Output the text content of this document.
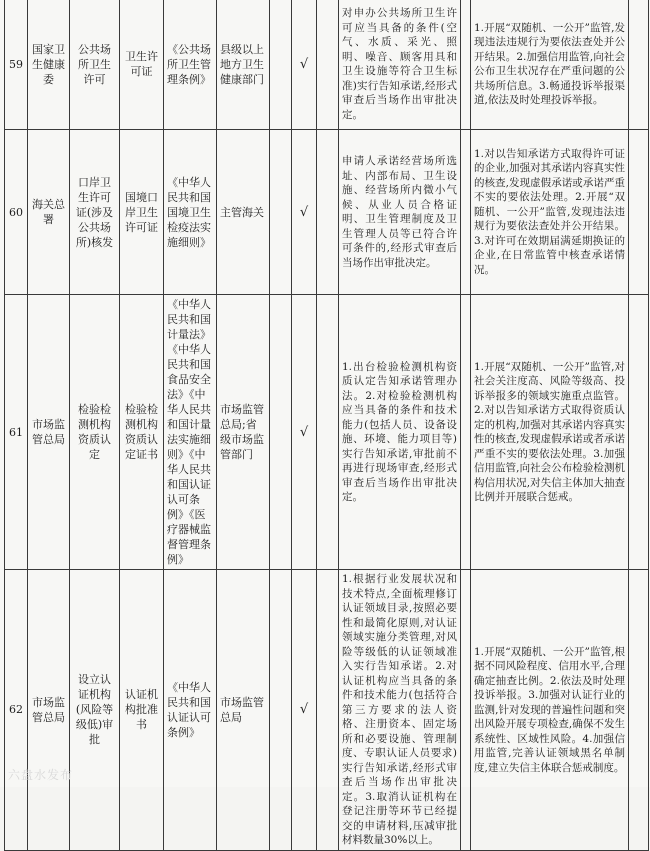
59	国家卫生健康委	公共场所卫生许可	卫生许可证	《公共场所卫生管理条例》	县级以上地方卫生健康部门		√		对申办公共场所卫生许可应当具备的条件(空气、水质、采光、照明、噪音、顾客用具和卫生设施等符合卫生标准)实行告知承诺,经形式审查后当场作出审批决定。		1.开展“双随机、一公开”监管,发现违法违规行为要依法查处并公开结果。2.加强信用监管,向社会公布卫生状况存在严重问题的公共场所信息。3.畅通投诉举报渠道,依法及时处理投诉举报。	
60	海关总署	口岸卫生许可证(涉及公共场所)核发	国境口岸卫生许可证	《中华人民共和国国境卫生检疫法实施细则》	主管海关		√		申请人承诺经营场所选址、内部布局、卫生设施、经营场所内微小气候、从业人员合格证明、卫生管理制度及卫生管理人员等已符合许可条件的,经形式审查后当场作出审批决定。		1.对以告知承诺方式取得许可证的企业,加强对其承诺内容真实性的核查,发现虚假承诺或承诺严重不实的要依法处理。2.开展“双随机、一公开”监管,发现违法违规行为要依法查处并公开结果。3.对许可在效期届满延期换证的企业,在日常监管中核查承诺情况。	
61	市场监管总局	检验检测机构资质认定	检验检测机构资质认定证书	《中华人民共和国计量法》《中华人民共和国食品安全法》《中华人民共和国计量法实施细则》《中华人民共和国认证认可条例》《医疗器械监督管理条例》	市场监管总局;省级市场监管部门		√		1.出台检验检测机构资质认定告知承诺管理办法。2.对检验检测机构应当具备的条件和技术能力(包括人员、设备设施、环境、能力项目等)实行告知承诺,审批前不再进行现场审查,经形式审查后当场作出审批决定。		1.开展“双随机、一公开”监管,对社会关注度高、风险等级高、投诉举报多的领域实施重点监管。2.对以告知承诺方式取得资质认定的机构,加强对其承诺内容真实性的核查,发现虚假承诺或者承诺严重不实的要依法处理。3.加强信用监管,向社会公布检验检测机构信用状况,对失信主体加大抽查比例并开展联合惩戒。	
62	市场监管总局	设立认证机构(风险等级低)审批	认证机构批准书	《中华人民共和国认证认可条例》	市场监管总局		√		1.根据行业发展状况和技术特点,全面梳理修订认证领域目录,按照必要性和最简化原则,对认证领域实施分类管理,对风险等级低的认证领域准入实行告知承诺。2.对认证机构应当具备的条件和技术能力(包括符合第三方要求的法人资格、注册资本、固定场所和必要设施、管理制度、专职认证人员要求)实行告知承诺,经形式审查后当场作出审批决定。3.取消认证机构在登记注册等环节已经提交的申请材料,压减审批材料数量30%以上。		1.开展“双随机、一公开”监管,根据不同风险程度、信用水平,合理确定抽查比例。2.依法及时处理投诉举报。3.加强对认证行业的监测,针对发现的普遍性问题和突出风险开展专项检查,确保不发生系统性、区域性风险。4.加强信用监管,完善认证领域黑名单制度,建立失信主体联合惩戒制度。	
六盘水发布
